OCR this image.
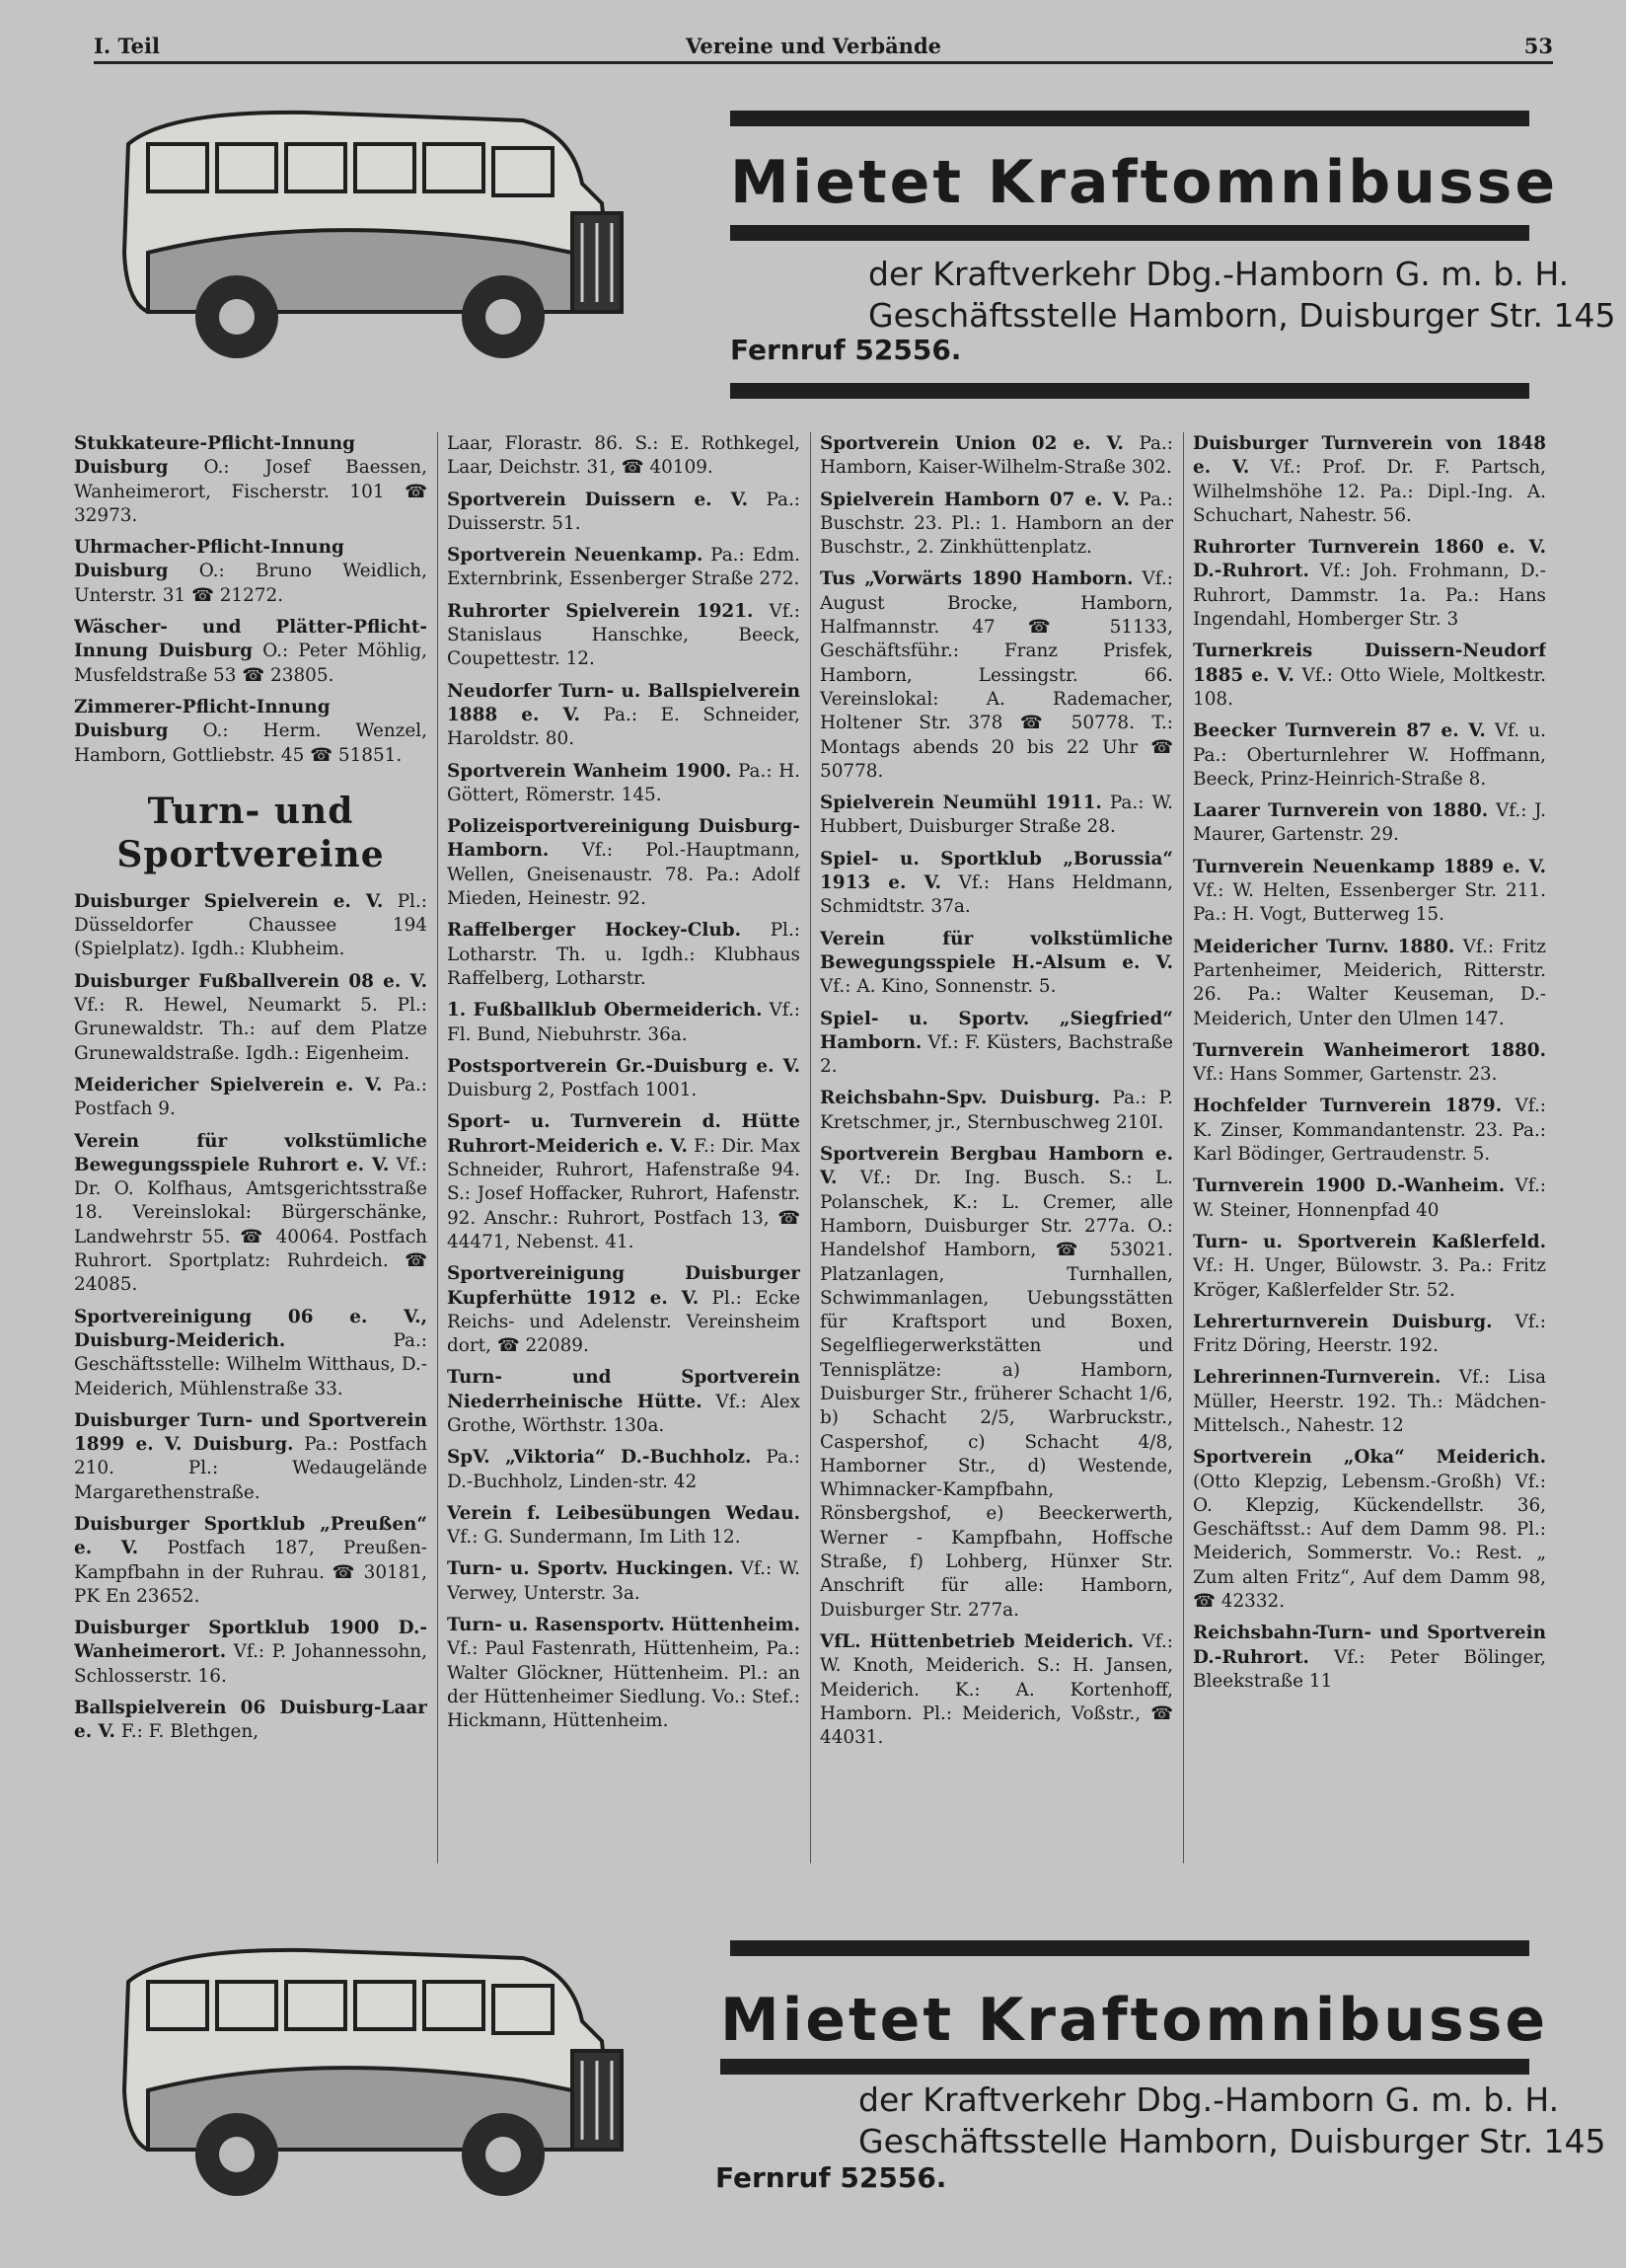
I. Teil	Vereine und Verbände	53
Mietet Kraftomnibusse
der Kraftverkehr Dbg.-Hamborn G. m. b. H.
Geschäftsstelle Hamborn, Duisburger Str. 145
Fernruf 52556.
Stukkateure-Pflicht-Innung Duisburg O.: Josef Baessen, Wanheimerort, Fischerstr. 101 ☎ 32973.
Uhrmacher-Pflicht-Innung Duisburg O.: Bruno Weidlich, Unterstr. 31 ☎ 21272.
Wäscher- und Plätter-Pflicht-Innung Duisburg O.: Peter Möhlig, Musfeldstraße 53 ☎ 23805.
Zimmerer-Pflicht-Innung Duisburg O.: Herm. Wenzel, Hamborn, Gottliebstr. 45 ☎ 51851.
Turn- und Sportvereine
Duisburger Spielverein e. V. Pl.: Düsseldorfer Chaussee 194 (Spielplatz). Igdh.: Klubheim.
Duisburger Fußballverein 08 e. V. Vf.: R. Hewel, Neumarkt 5. Pl.: Grunewaldstr. Th.: auf dem Platze Grunewaldstraße. Igdh.: Eigenheim.
Meidericher Spielverein e. V. Pa.: Postfach 9.
Verein für volkstümliche Bewegungsspiele Ruhrort e. V. Vf.: Dr. O. Kolfhaus, Amtsgerichtsstraße 18. Vereinslokal: Bürgerschänke, Landwehrstr 55. ☎ 40064. Postfach Ruhrort. Sportplatz: Ruhrdeich. ☎ 24085.
Sportvereinigung 06 e. V., Duisburg-Meiderich.	Pa.: Geschäftsstelle: Wilhelm Witthaus, D.-Meiderich, Mühlenstraße 33.
Duisburger Turn- und Sportverein 1899 e. V. Duisburg. Pa.: Postfach 210. Pl.: Wedaugelände Margarethenstraße.
Duisburger Sportklub „Preußen“ e. V. Postfach 187, Preußen-Kampfbahn in der Ruhrau. ☎ 30181, PK En 23652.
Duisburger Sportklub 1900 D.-Wanheimerort. Vf.: P. Johannessohn, Schlosserstr. 16.
Ballspielverein 06 Duisburg-Laar e. V. F.: F. Blethgen,
Laar, Florastr. 86. S.: E. Rothkegel, Laar, Deichstr. 31, ☎ 40109.
Sportverein Duissern e. V. Pa.: Duisserstr. 51.
Sportverein Neuenkamp. Pa.: Edm. Externbrink, Essenberger Straße 272.
Ruhrorter Spielverein 1921. Vf.: Stanislaus Hanschke, Beeck, Coupettestr. 12.
Neudorfer Turn- u. Ballspielverein 1888 e. V. Pa.: E. Schneider, Haroldstr. 80.
Sportverein Wanheim 1900. Pa.: H. Göttert, Römerstr. 145.
Polizeisportvereinigung Duisburg-Hamborn. Vf.: Pol.-Hauptmann, Wellen, Gneisenaustr. 78. Pa.: Adolf Mieden, Heinestr. 92.
Raffelberger Hockey-Club. Pl.: Lotharstr. Th. u. Igdh.: Klubhaus Raffelberg, Lotharstr.
1. Fußballklub Obermeiderich. Vf.: Fl. Bund, Niebuhrstr. 36a.
Postsportverein Gr.-Duisburg e. V. Duisburg 2, Postfach 1001.
Sport- u. Turnverein d. Hütte Ruhrort-Meiderich e. V. F.: Dir. Max Schneider, Ruhrort, Hafenstraße 94. S.: Josef Hoffacker, Ruhrort, Hafenstr. 92. Anschr.: Ruhrort, Postfach 13, ☎ 44471, Nebenst. 41.
Sportvereinigung Duisburger Kupferhütte 1912 e. V. Pl.: Ecke Reichs- und Adelenstr. Vereinsheim dort, ☎ 22089.
Turn- und Sportverein Niederrheinische Hütte. Vf.: Alex Grothe, Wörthstr. 130a.
SpV. „Viktoria“ D.-Buchholz. Pa.: D.-Buchholz, Linden-str. 42
Verein f. Leibesübungen Wedau. Vf.: G. Sundermann, Im Lith 12.
Turn- u. Sportv. Huckingen. Vf.: W. Verwey, Unterstr. 3a.
Turn- u. Rasensportv. Hüttenheim. Vf.: Paul Fastenrath, Hüttenheim, Pa.: Walter Glöckner, Hüttenheim. Pl.: an der Hüttenheimer Siedlung. Vo.: Stef.: Hickmann, Hüttenheim.
Sportverein Union 02 e. V. Pa.: Hamborn, Kaiser-Wilhelm-Straße 302.
Spielverein Hamborn 07 e. V. Pa.: Buschstr. 23. Pl.: 1. Hamborn an der Buschstr., 2. Zinkhüttenplatz.
Tus „Vorwärts 1890 Hamborn. Vf.: August Brocke, Hamborn, Halfmannstr. 47 ☎ 51133, Geschäftsführ.: Franz Prisfek, Hamborn, Lessingstr. 66. Vereinslokal: A. Rademacher, Holtener Str. 378 ☎ 50778. T.: Montags abends 20 bis 22 Uhr ☎ 50778.
Spielverein Neumühl 1911. Pa.: W. Hubbert, Duisburger Straße 28.
Spiel- u. Sportklub „Borussia“ 1913 e. V. Vf.: Hans Heldmann, Schmidtstr. 37a.
Verein für volkstümliche Bewegungsspiele H.-Alsum e. V. Vf.: A. Kino, Sonnenstr. 5.
Spiel- u. Sportv. „Siegfried“ Hamborn. Vf.: F. Küsters, Bachstraße 2.
Reichsbahn-Spv. Duisburg. Pa.: P. Kretschmer, jr., Sternbuschweg 210I.
Sportverein Bergbau Hamborn e. V. Vf.: Dr. Ing. Busch. S.: L. Polanschek, K.: L. Cremer, alle Hamborn, Duisburger Str. 277a. O.: Handelshof Hamborn, ☎ 53021. Platzanlagen, Turnhallen, Schwimmanlagen, Uebungsstätten für Kraftsport und Boxen, Segelfliegerwerkstätten und Tennisplätze: a) Hamborn, Duisburger Str., früherer Schacht 1/6, b) Schacht 2/5, Warbruckstr., Caspershof, c) Schacht 4/8, Hamborner Str., d) Westende, Whimnacker-Kampfbahn, Rönsbergshof, e) Beeckerwerth, Werner - Kampfbahn, Hoffsche Straße, f) Lohberg, Hünxer Str. Anschrift für alle: Hamborn, Duisburger Str. 277a.
VfL. Hüttenbetrieb Meiderich. Vf.: W. Knoth, Meiderich. S.: H. Jansen, Meiderich. K.: A. Kortenhoff, Hamborn. Pl.: Meiderich, Voßstr., ☎ 44031.
Duisburger Turnverein von 1848 e. V. Vf.: Prof. Dr. F. Partsch, Wilhelmshöhe 12. Pa.: Dipl.-Ing. A. Schuchart, Nahestr. 56.
Ruhrorter Turnverein 1860 e. V. D.-Ruhrort. Vf.: Joh. Frohmann, D.-Ruhrort, Dammstr. 1a. Pa.: Hans Ingendahl, Homberger Str. 3
Turnerkreis Duissern-Neudorf 1885 e. V. Vf.: Otto Wiele, Moltkestr. 108.
Beecker Turnverein 87 e. V. Vf. u. Pa.: Oberturnlehrer W. Hoffmann, Beeck, Prinz-Heinrich-Straße 8.
Laarer Turnverein von 1880. Vf.: J. Maurer, Gartenstr. 29.
Turnverein Neuenkamp 1889 e. V. Vf.: W. Helten, Essenberger Str. 211. Pa.: H. Vogt, Butterweg 15.
Meidericher Turnv. 1880. Vf.: Fritz Partenheimer, Meiderich, Ritterstr. 26. Pa.: Walter Keuseman, D.-Meiderich, Unter den Ulmen 147.
Turnverein Wanheimerort 1880. Vf.: Hans Sommer, Gartenstr. 23.
Hochfelder Turnverein 1879. Vf.: K. Zinser, Kommandantenstr. 23. Pa.: Karl Bödinger, Gertraudenstr. 5.
Turnverein 1900 D.-Wanheim. Vf.: W. Steiner, Honnenpfad 40
Turn- u. Sportverein Kaßlerfeld. Vf.: H. Unger, Bülowstr. 3. Pa.: Fritz Kröger, Kaßlerfelder Str. 52.
Lehrerturnverein Duisburg. Vf.: Fritz Döring, Heerstr. 192.
Lehrerinnen-Turnverein. Vf.: Lisa Müller, Heerstr. 192. Th.: Mädchen-Mittelsch., Nahestr. 12
Sportverein „Oka“ Meiderich. (Otto Klepzig, Lebensm.-Großh) Vf.: O. Klepzig, Kückendellstr. 36, Geschäftsst.: Auf dem Damm 98. Pl.: Meiderich, Sommerstr. Vo.: Rest. „ Zum alten Fritz“, Auf dem Damm 98, ☎ 42332.
Reichsbahn-Turn- und Sportverein D.-Ruhrort. Vf.: Peter Bölinger, Bleekstraße 11
Mietet Kraftomnibusse
der Kraftverkehr Dbg.-Hamborn G. m. b. H.
Geschäftsstelle Hamborn, Duisburger Str. 145
Fernruf 52556.
